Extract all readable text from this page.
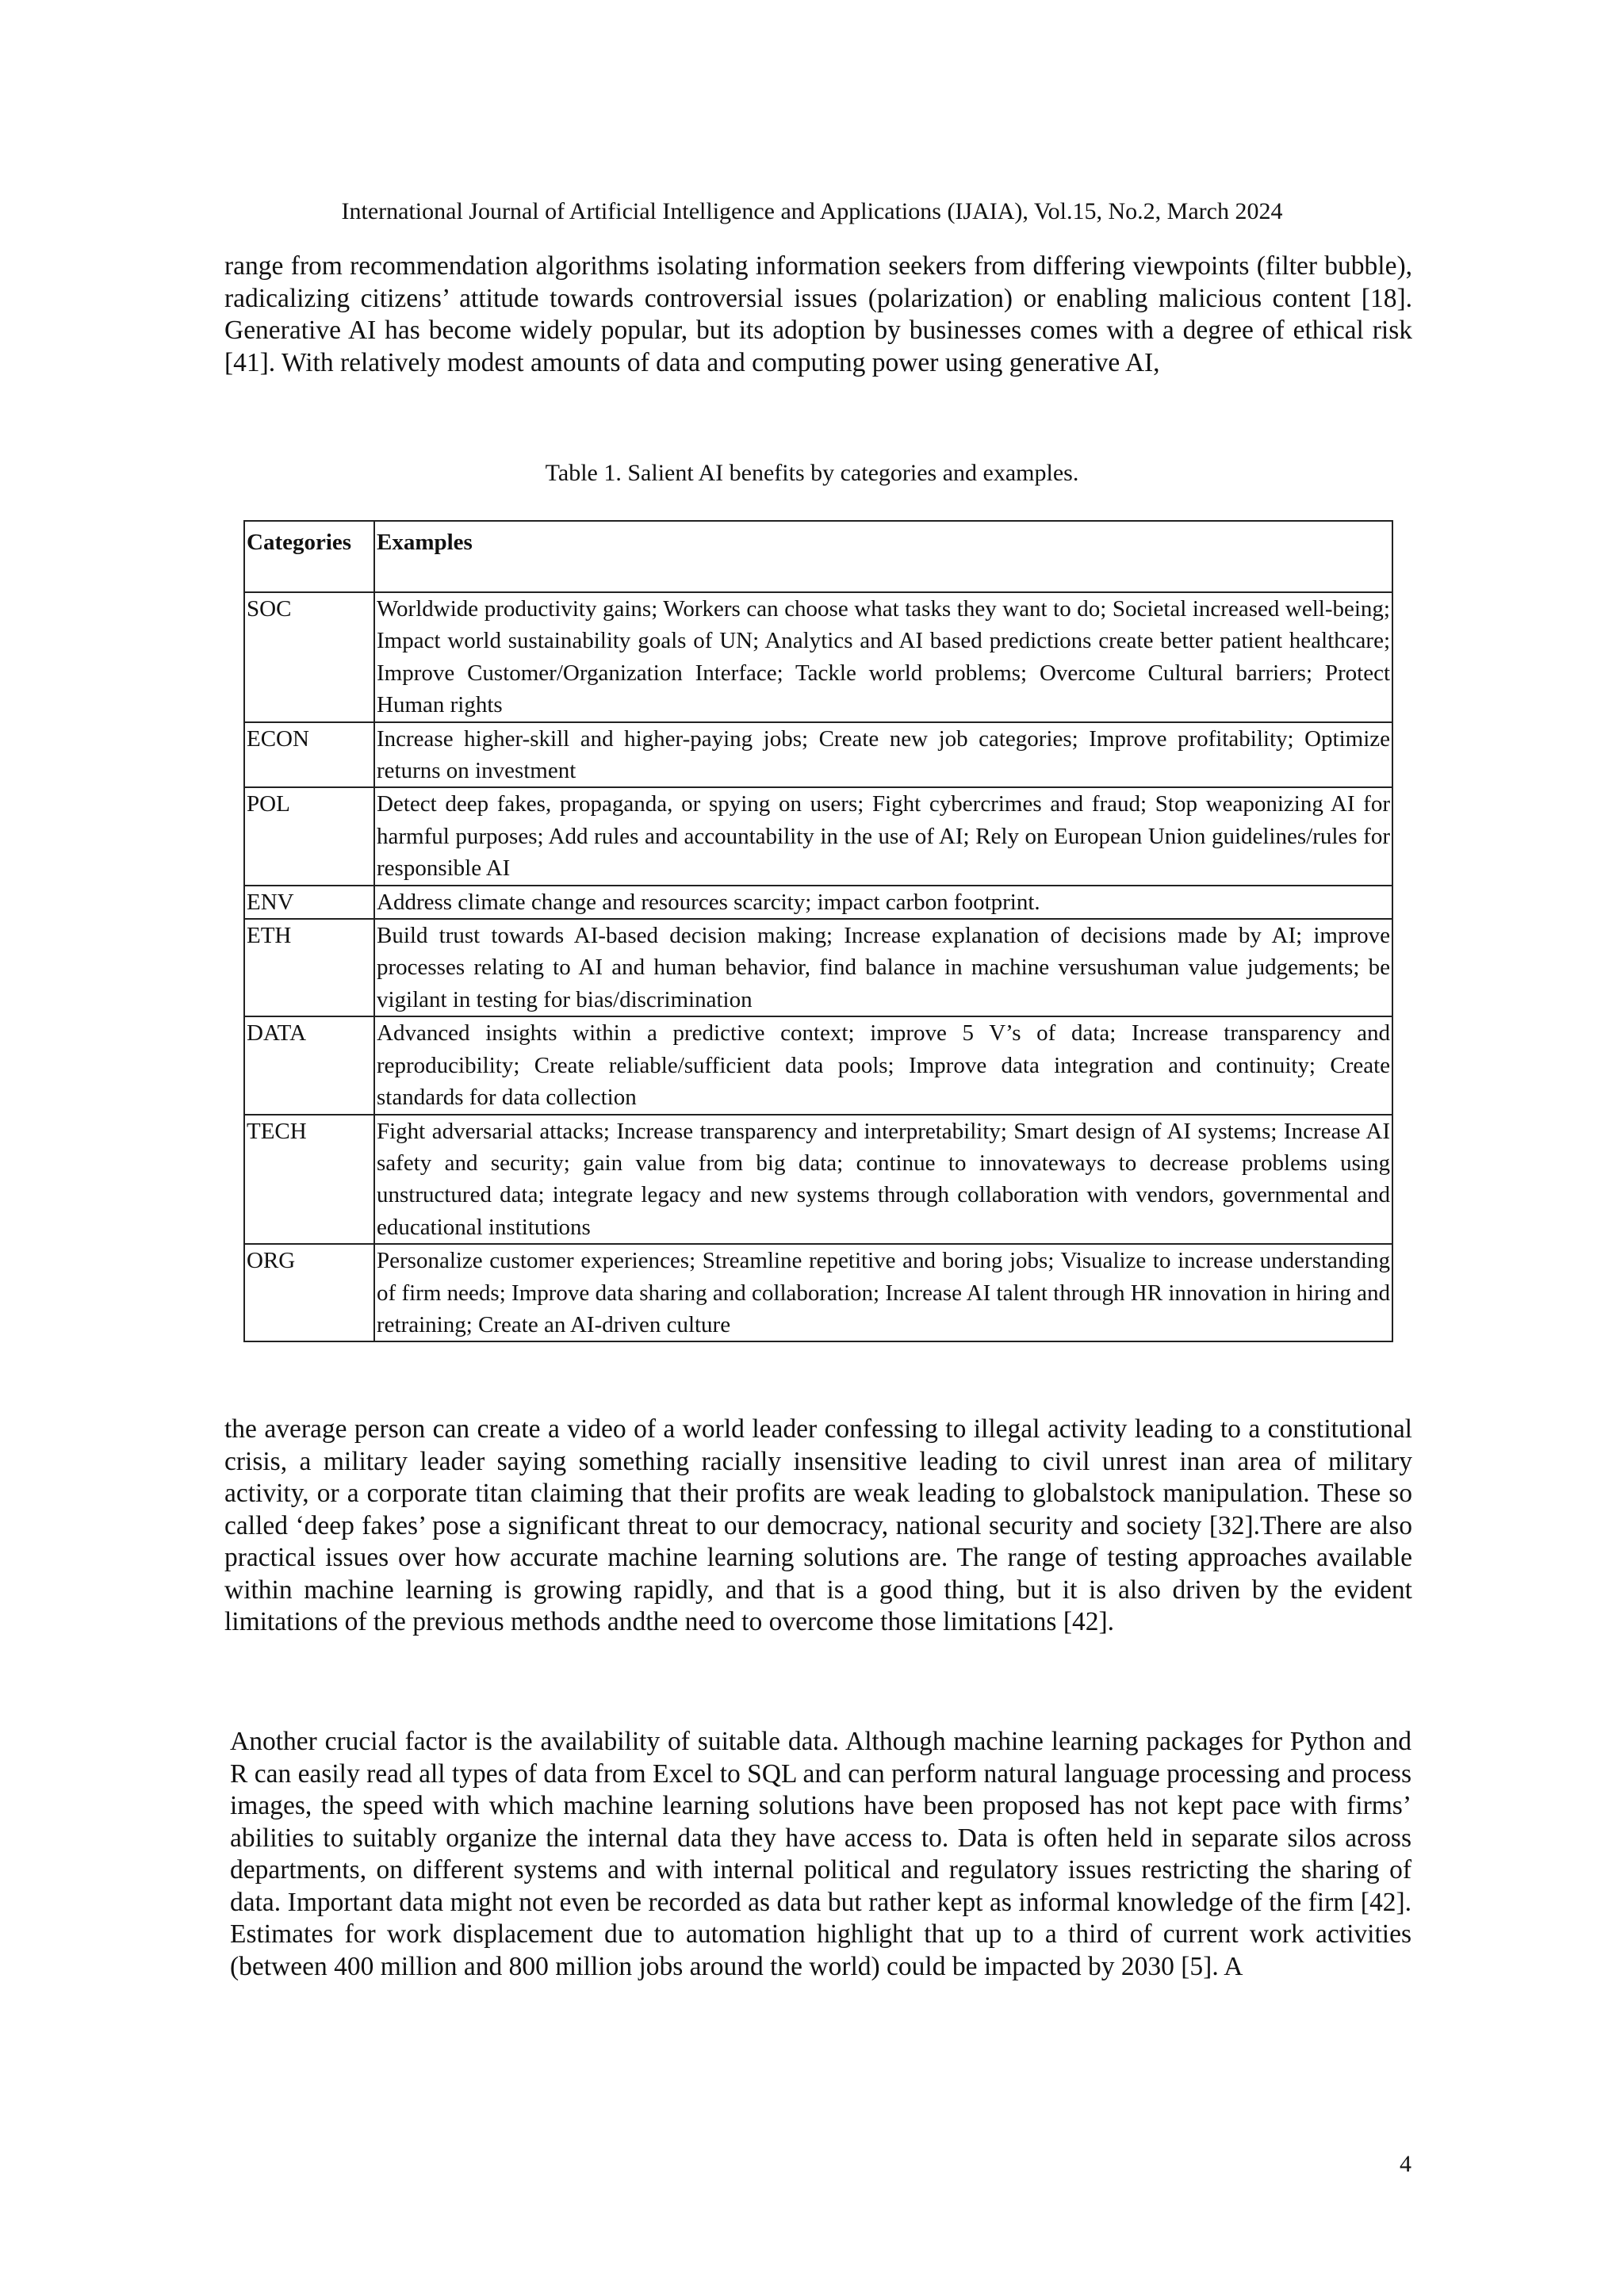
International Journal of Artificial Intelligence and Applications (IJAIA), Vol.15, No.2, March 2024

range from recommendation algorithms isolating information seekers from differing viewpoints (filter bubble), radicalizing citizens’ attitude towards controversial issues (polarization) or enabling malicious content [18]. Generative AI has become widely popular, but its adoption by businesses comes with a degree of ethical risk [41]. With relatively modest amounts of data and computing power using generative AI,

Table 1. Salient AI benefits by categories and examples.
Categories	Examples
SOC	Worldwide productivity gains; Workers can choose what tasks they want to do; Societal increased well-being; Impact world sustainability goals of UN; Analytics and AI based predictions create better patient healthcare; Improve Customer/Organization Interface; Tackle world problems; Overcome Cultural barriers; Protect Human rights
ECON	Increase higher-skill and higher-paying jobs; Create new job categories; Improve profitability; Optimize returns on investment
POL	Detect deep fakes, propaganda, or spying on users; Fight cybercrimes and fraud; Stop weaponizing AI for harmful purposes; Add rules and accountability in the use of AI; Rely on European Union guidelines/rules for responsible AI
ENV	Address climate change and resources scarcity; impact carbon footprint.
ETH	Build trust towards AI-based decision making; Increase explanation of decisions made by AI; improve processes relating to AI and human behavior, find balance in machine versushuman value judgements; be vigilant in testing for bias/discrimination
DATA	Advanced insights within a predictive context; improve 5 V’s of data; Increase transparency and reproducibility; Create reliable/sufficient data pools; Improve data integration and continuity; Create standards for data collection
TECH	Fight adversarial attacks; Increase transparency and interpretability; Smart design of AI systems; Increase AI safety and security; gain value from big data; continue to innovateways to decrease problems using unstructured data; integrate legacy and new systems through collaboration with vendors, governmental and educational institutions
ORG	Personalize customer experiences; Streamline repetitive and boring jobs; Visualize to increase understanding of firm needs; Improve data sharing and collaboration; Increase AI talent through HR innovation in hiring and retraining; Create an AI-driven culture

the average person can create a video of a world leader confessing to illegal activity leading to a constitutional crisis, a military leader saying something racially insensitive leading to civil unrest inan area of military activity, or a corporate titan claiming that their profits are weak leading to globalstock manipulation. These so called ‘deep fakes’ pose a significant threat to our democracy, national security and society [32].There are also practical issues over how accurate machine learning solutions are. The range of testing approaches available within machine learning is growing rapidly, and that is a good thing, but it is also driven by the evident limitations of the previous methods andthe need to overcome those limitations [42].

Another crucial factor is the availability of suitable data. Although machine learning packages for Python and R can easily read all types of data from Excel to SQL and can perform natural language processing and process images, the speed with which machine learning solutions have been proposed has not kept pace with firms’ abilities to suitably organize the internal data they have access to. Data is often held in separate silos across departments, on different systems and with internal political and regulatory issues restricting the sharing of data. Important data might not even be recorded as data but rather kept as informal knowledge of the firm [42]. Estimates for work displacement due to automation highlight that up to a third of current work activities (between 400 million and 800 million jobs around the world) could be impacted by 2030 [5]. A

4
